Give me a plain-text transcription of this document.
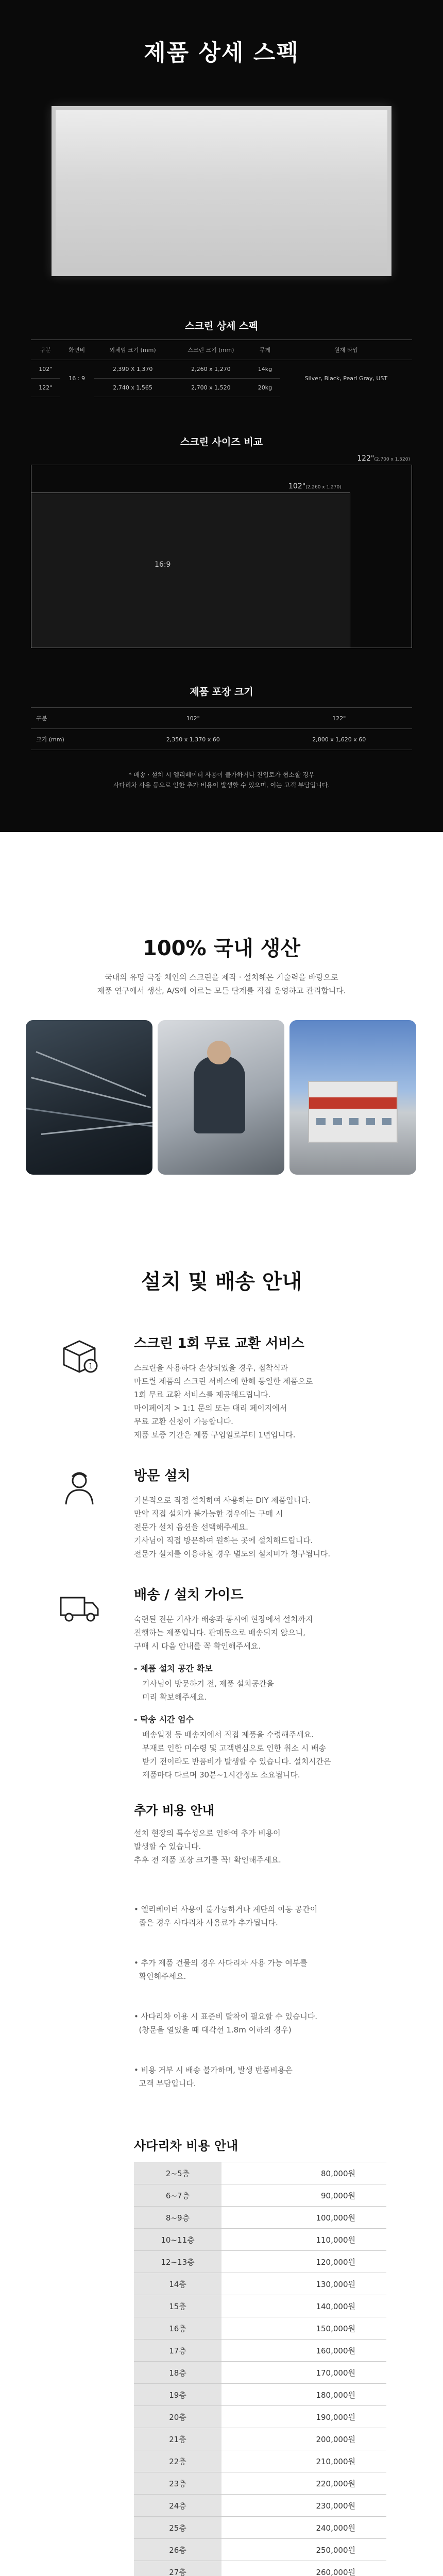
제품 상세 스펙
스크린 상세 스펙
구분	화면비	외체임 크기 (mm)	스크린 크기 (mm)	무게	원재 타입
102"	16 : 9	2,390 X 1,370	2,260 x 1,270	14kg	Silver, Black, Pearl Gray, UST
122"		2,740 x 1,565	2,700 x 1,520	20kg	
스크린 사이즈 비교
122"(2,700 x 1,520)
102"(2,260 x 1,270)
16:9
제품 포장 크기
구분	102"	122"
크기 (mm)	2,350 x 1,370 x 60	2,800 x 1,620 x 60
* 배송 · 설치 시 엘리베이터 사용이 불가하거나 진입로가 협소할 경우
사다리차 사용 등으로 인한 추가 비용이 발생할 수 있으며, 이는 고객 부담입니다.
100% 국내 생산

국내의 유명 극장 체인의 스크린을 제작 · 설치해온 기술력을 바탕으로
제품 연구에서 생산, A/S에 이르는 모든 단계를 직접 운영하고 관리합니다.

설치 및 배송 안내
1
스크린 1회 무료 교환 서비스
스크린을 사용하다 손상되었을 경우, 접착식과
마트릴 제품의 스크린 서비스에 한해 동일한 제품으로
1회 무료 교환 서비스를 제공해드립니다.
마이페이지 > 1:1 문의 또는 대리 페이지에서
무료 교환 신청이 가능합니다.
제품 보증 기간은 제품 구입일로부터 1년입니다.
방문 설치
기본적으로 직접 설치하여 사용하는 DIY 제품입니다.
만약 직접 설치가 불가능한 경우에는 구매 시
전문가 설치 옵션을 선택해주세요.
기사님이 직접 방문하여 원하는 곳에 설치해드립니다.
전문가 설치를 이용하실 경우 별도의 설치비가 청구됩니다.
배송 / 설치 가이드
숙련된 전문 기사가 배송과 동시에 현장에서 설치까지
진행하는 제품입니다. 판매동으로 배송되지 않으니,
구매 시 다음 안내를 꼭 확인해주세요.
- 제품 설치 공간 확보
기사님이 방문하기 전, 제품 설치공간을
미리 확보해주세요.
- 탁송 시간 엄수
배송일정 등 배송지에서 직접 제품을 수령해주세요.
부재로 인한 미수령 및 고객변심으로 인한 취소 시 배송
받기 전이라도 반품비가 발생할 수 있습니다. 설치시간은
제품마다 다르며 30분~1시간정도 소요됩니다.
추가 비용 안내
설치 현장의 특수성으로 인하여 추가 비용이
발생할 수 있습니다.
추후 전 제품 포장 크기를 꼭! 확인해주세요.

• 엘리베이터 사용이 불가능하거나 계단의 이동 공간이
좁은 경우 사다리차 사용료가 추가됩니다.

• 추가 제품 건물의 경우 사다리차 사용 가능 여부를
확인해주세요.

• 사다리차 이용 시 표준비 탈착이 필요할 수 있습니다.
(창문을 열었을 때 대각선 1.8m 이하의 경우)

• 비용 거부 시 배송 불가하며, 발생 반품비용은
고객 부담입니다.

사다리차 비용 안내
2~5층	80,000원
6~7층	90,000원
8~9층	100,000원
10~11층	110,000원
12~13층	120,000원
14층	130,000원
15층	140,000원
16층	150,000원
17층	160,000원
18층	170,000원
19층	180,000원
20층	190,000원
21층	200,000원
22층	210,000원
23층	220,000원
24층	230,000원
25층	240,000원
26층	250,000원
27층	260,000원
